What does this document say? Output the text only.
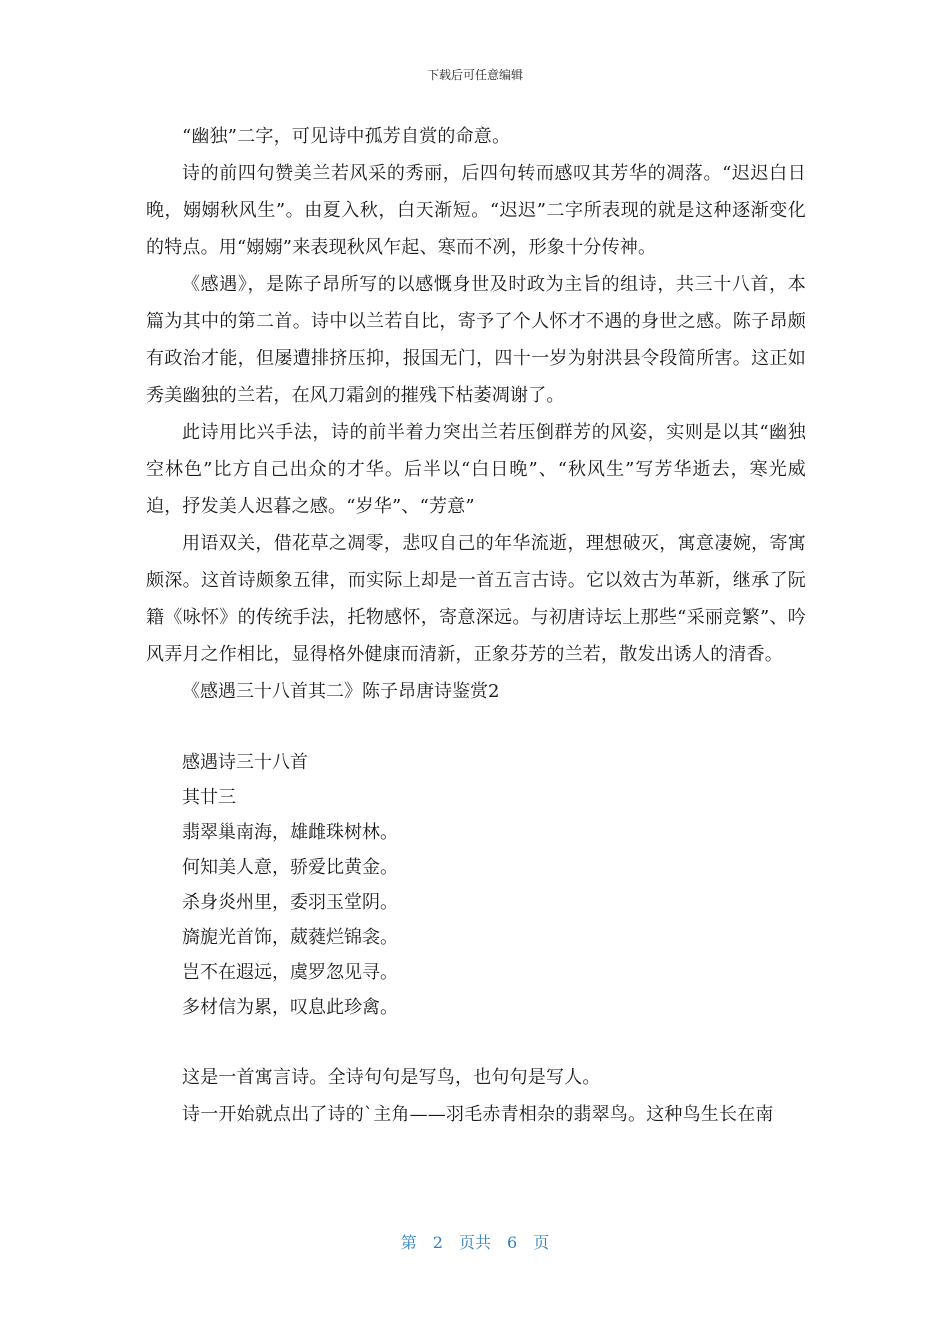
下载后可任意编辑

“幽独”二字，可见诗中孤芳自赏的命意。

诗的前四句赞美兰若风采的秀丽，后四句转而感叹其芳华的凋落。“迟迟白日晚，嫋嫋秋风生”。由夏入秋，白天渐短。“迟迟”二字所表现的就是这种逐渐变化的特点。用“嫋嫋”来表现秋风乍起、寒而不冽，形象十分传神。

《感遇》，是陈子昂所写的以感慨身世及时政为主旨的组诗，共三十八首，本篇为其中的第二首。诗中以兰若自比，寄予了个人怀才不遇的身世之感。陈子昂颇有政治才能，但屡遭排挤压抑，报国无门，四十一岁为射洪县令段简所害。这正如秀美幽独的兰若，在风刀霜剑的摧残下枯萎凋谢了。

此诗用比兴手法，诗的前半着力突出兰若压倒群芳的风姿，实则是以其“幽独空林色”比方自己出众的才华。后半以“白日晚”、“秋风生”写芳华逝去，寒光威迫，抒发美人迟暮之感。“岁华”、“芳意”

用语双关，借花草之凋零，悲叹自己的年华流逝，理想破灭，寓意凄婉，寄寓颇深。这首诗颇象五律，而实际上却是一首五言古诗。它以效古为革新，继承了阮籍《咏怀》的传统手法，托物感怀，寄意深远。与初唐诗坛上那些“采丽竞繁”、吟风弄月之作相比，显得格外健康而清新，正象芬芳的兰若，散发出诱人的清香。

《感遇三十八首其二》陈子昂唐诗鉴赏2

感遇诗三十八首

其廿三

翡翠巢南海，雄雌珠树林。

何知美人意，骄爱比黄金。

杀身炎州里，委羽玉堂阴。

旖旎光首饰，葳蕤烂锦衾。

岂不在遐远，虞罗忽见寻。

多材信为累，叹息此珍禽。

这是一首寓言诗。全诗句句是写鸟，也句句是写人。

诗一开始就点出了诗的`主角——羽毛赤青相杂的翡翠鸟。这种鸟生长在南

第 2 页共 6 页
